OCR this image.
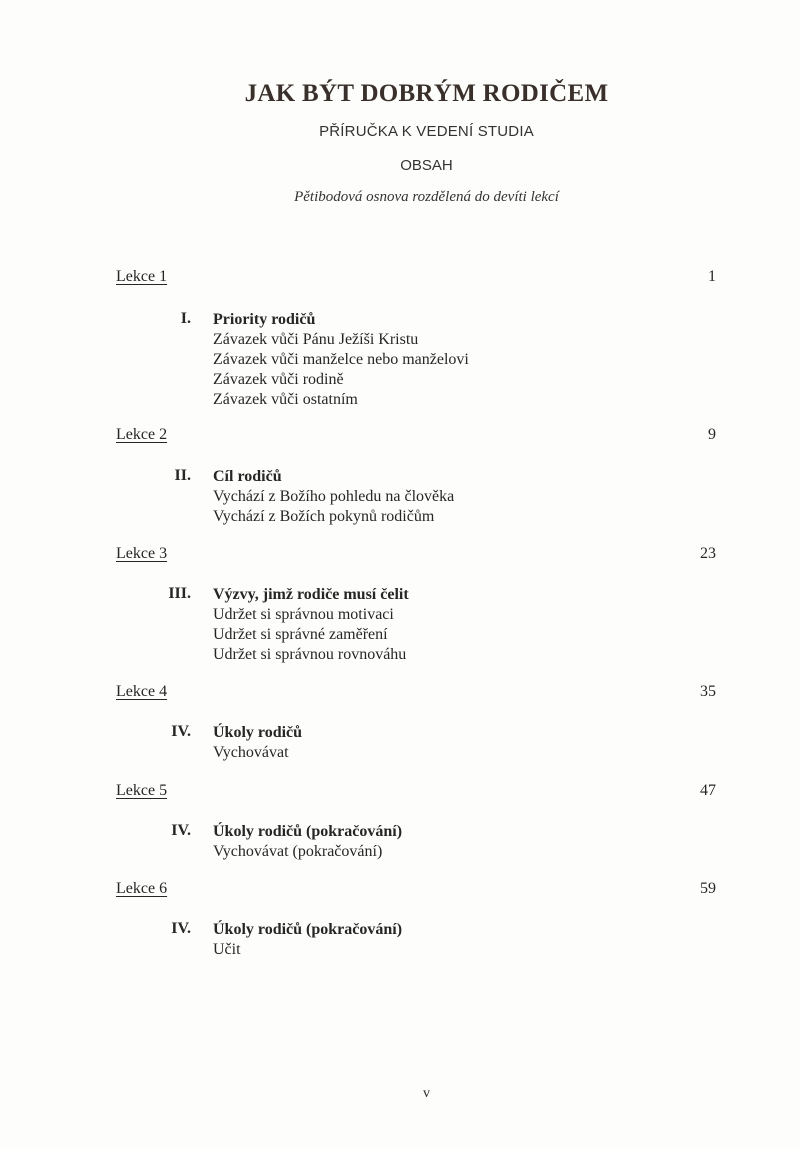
JAK BÝT DOBRÝM RODIČEM
PŘÍRUČKA K VEDENÍ STUDIA
OBSAH
Pětibodová osnova rozdělená do devíti lekcí
Lekce 1	1
I. Priority rodičů
Závazek vůči Pánu Ježíši Kristu
Závazek vůči manželce nebo manželovi
Závazek vůči rodině
Závazek vůči ostatním
Lekce 2	9
II. Cíl rodičů
Vychází z Božího pohledu na člověka
Vychází z Božích pokynů rodičům
Lekce 3	23
III. Výzvy, jimž rodiče musí čelit
Udržet si správnou motivaci
Udržet si správné zaměření
Udržet si správnou rovnováhu
Lekce 4	35
IV. Úkoly rodičů
Vychovávat
Lekce 5	47
IV. Úkoly rodičů (pokračování)
Vychovávat (pokračování)
Lekce 6	59
IV. Úkoly rodičů (pokračování)
Učit
v
